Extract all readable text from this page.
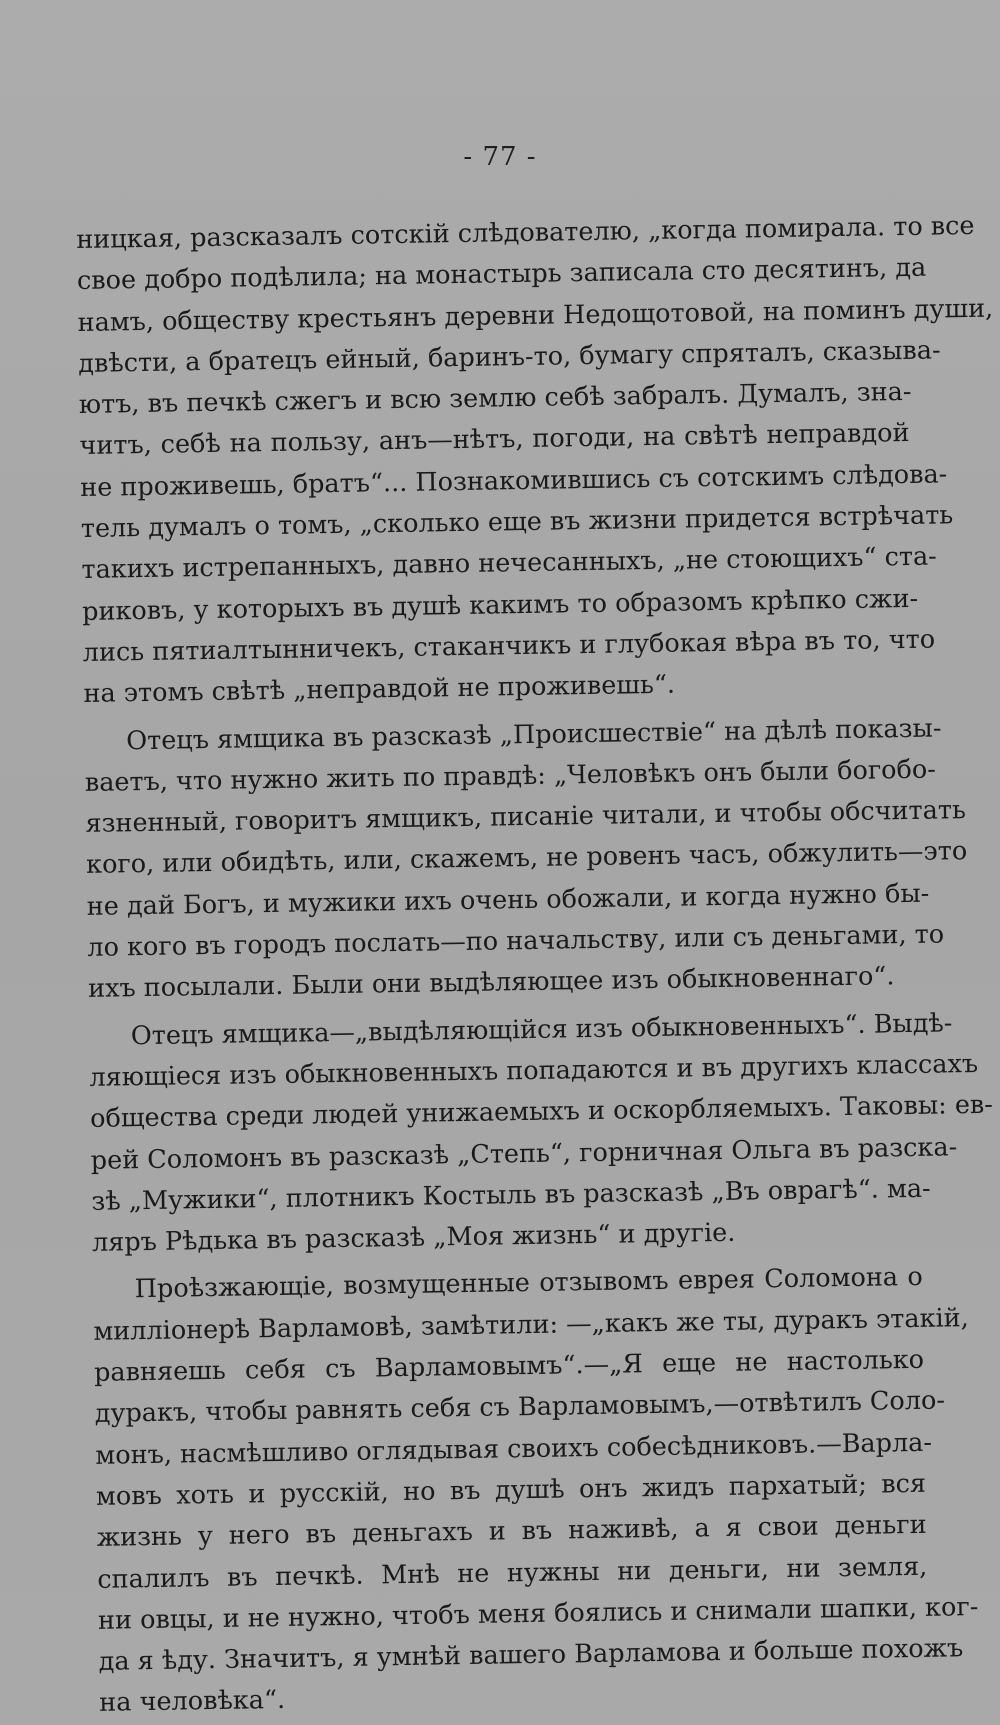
- 77 -
ницкая, разсказалъ сотскій слѣдователю, „когда помирала. то все
свое добро подѣлила; на монастырь записала сто десятинъ, да
намъ, обществу крестьянъ деревни Недощотовой, на поминъ души,
двѣсти, а братецъ ейный, баринъ-то, бумагу спряталъ, сказыва-
ютъ, въ печкѣ сжегъ и всю землю себѣ забралъ. Думалъ, зна-
читъ, себѣ на пользу, анъ—нѣтъ, погоди, на свѣтѣ неправдой
не проживешь, братъ“... Познакомившись съ сотскимъ слѣдова-
тель думалъ о томъ, „сколько еще въ жизни придется встрѣчать
такихъ истрепанныхъ, давно нечесанныхъ, „не стоющихъ“ ста-
риковъ, у которыхъ въ душѣ какимъ то образомъ крѣпко сжи-
лись пятиалтынничекъ, стаканчикъ и глубокая вѣра въ то, что
на этомъ свѣтѣ „неправдой не проживешь“.
Отецъ ямщика въ разсказѣ „Происшествіе“ на дѣлѣ показы-
ваетъ, что нужно жить по правдѣ: „Человѣкъ онъ были богобо-
язненный, говоритъ ямщикъ, писаніе читали, и чтобы обсчитать
кого, или обидѣть, или, скажемъ, не ровенъ часъ, обжулить—это
не дай Богъ, и мужики ихъ очень обожали, и когда нужно бы-
ло кого въ городъ послать—по начальству, или съ деньгами, то
ихъ посылали. Были они выдѣляющее изъ обыкновеннаго“.
Отецъ ямщика—„выдѣляющійся изъ обыкновенныхъ“. Выдѣ-
ляющіеся изъ обыкновенныхъ попадаются и въ другихъ классахъ
общества среди людей унижаемыхъ и оскорбляемыхъ. Таковы: ев-
рей Соломонъ въ разсказѣ „Степь“, горничная Ольга въ разска-
зѣ „Мужики“, плотникъ Костыль въ разсказѣ „Въ оврагѣ“. ма-
ляръ Рѣдька въ разсказѣ „Моя жизнь“ и другіе.
Проѣзжающіе, возмущенные отзывомъ еврея Соломона о
милліонерѣ Варламовѣ, замѣтили: —„какъ же ты, дуракъ этакій,
равняешь себя съ Варламовымъ“.—„Я еще не настолько
дуракъ, чтобы равнять себя съ Варламовымъ,—отвѣтилъ Соло-
монъ, насмѣшливо оглядывая своихъ собесѣдниковъ.—Варла-
мовъ хоть и русскій, но въ душѣ онъ жидъ пархатый; вся
жизнь у него въ деньгахъ и въ наживѣ, а я свои деньги
спалилъ въ печкѣ. Мнѣ не нужны ни деньги, ни земля,
ни овцы, и не нужно, чтобъ меня боялись и снимали шапки, ког-
да я ѣду. Значитъ, я умнѣй вашего Варламова и больше похожъ
на человѣка“.
